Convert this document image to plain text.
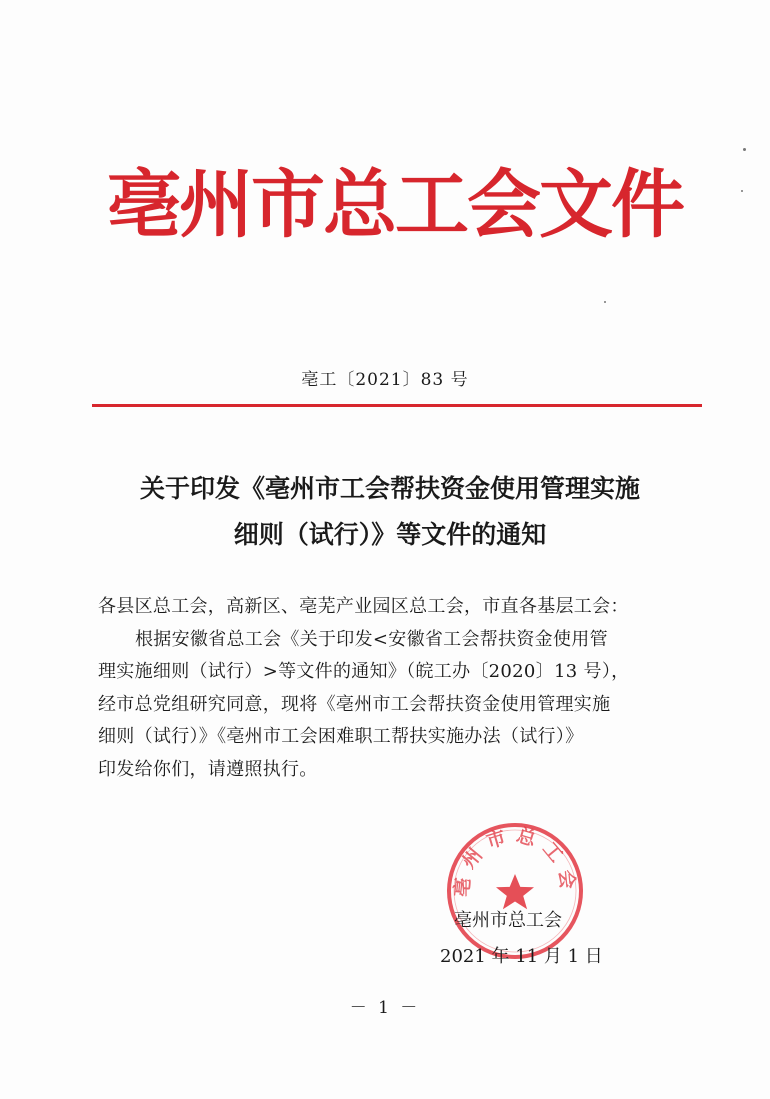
亳州市总工会文件
亳工〔2021〕83 号
关于印发《亳州市工会帮扶资金使用管理实施
细则（试行）》等文件的通知
各县区总工会，高新区、亳芜产业园区总工会，市直各基层工会：
根据安徽省总工会《关于印发<安徽省工会帮扶资金使用管
理实施细则（试行）>等文件的通知》（皖工办〔2020〕13 号），
经市总党组研究同意，现将《亳州市工会帮扶资金使用管理实施
细则（试行）》《亳州市工会困难职工帮扶实施办法（试行）》
印发给你们，请遵照执行。
亳州市总工会
亳州市总工会
2021 年 11 月 1 日
－ 1 －
